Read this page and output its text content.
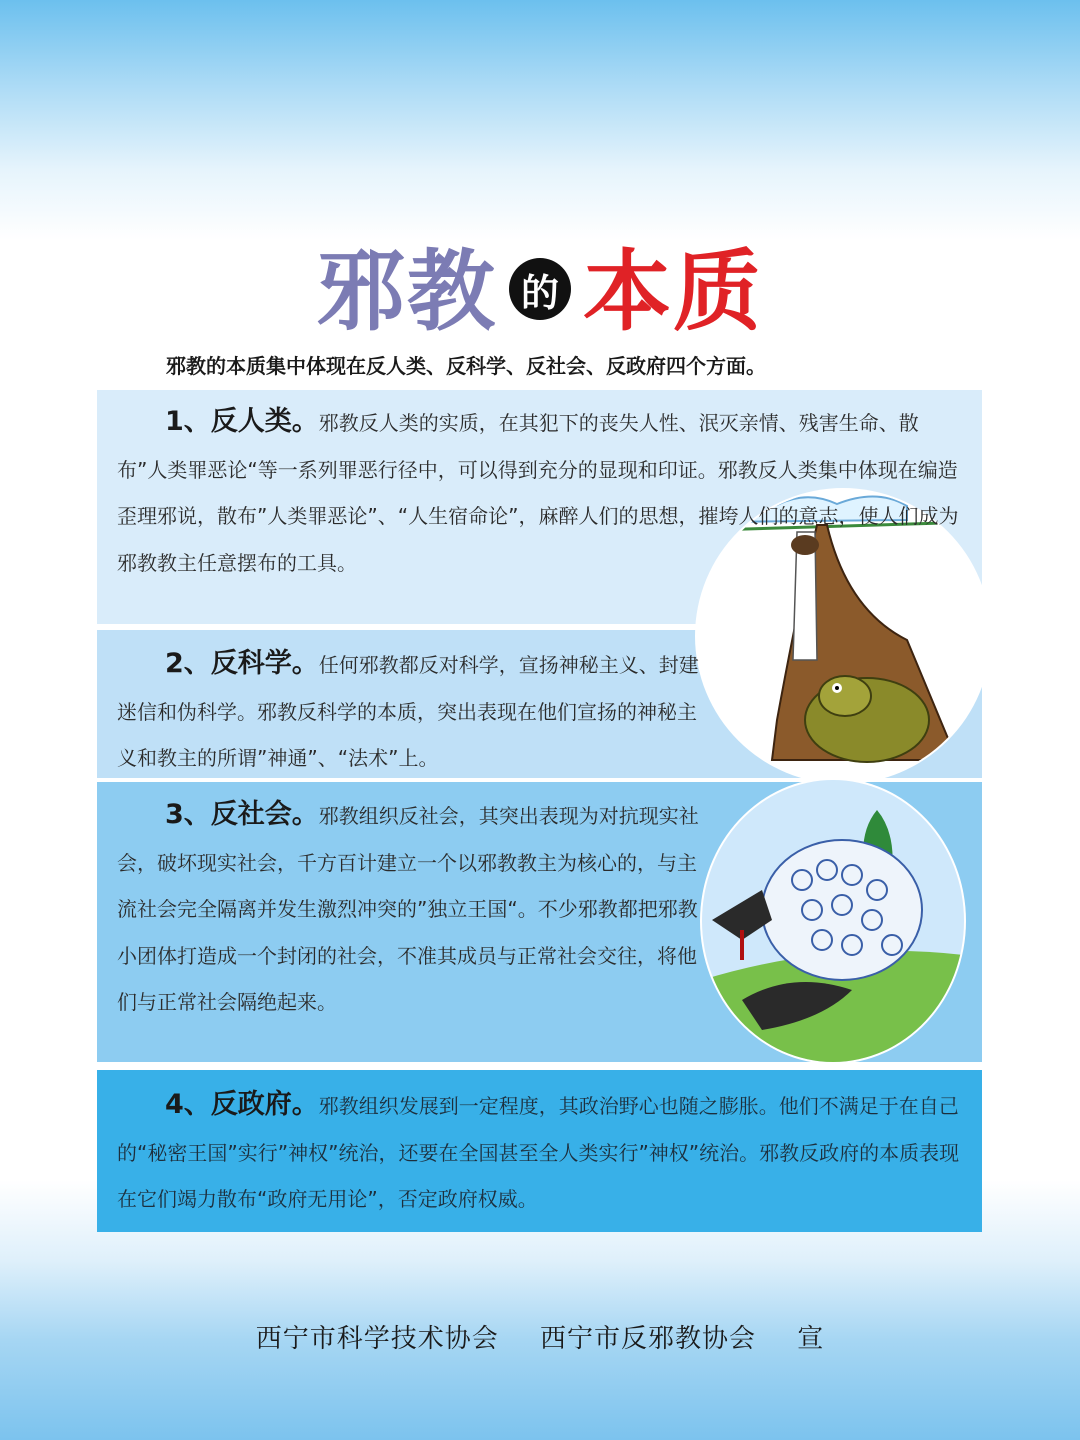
邪教 的 本质
邪教的本质集中体现在反人类、反科学、反社会、反政府四个方面。
1、反人类。邪教反人类的实质，在其犯下的丧失人性、泯灭亲情、残害生命、散布”人类罪恶论“等一系列罪恶行径中，可以得到充分的显现和印证。邪教反人类集中体现在编造歪理邪说，散布”人类罪恶论”、“人生宿命论”，麻醉人们的思想，摧垮人们的意志，使人们成为邪教教主任意摆布的工具。
2、反科学。任何邪教都反对科学，宣扬神秘主义、封建迷信和伪科学。邪教反科学的本质，突出表现在他们宣扬的神秘主义和教主的所谓”神通”、“法术”上。
3、反社会。邪教组织反社会，其突出表现为对抗现实社会，破坏现实社会，千方百计建立一个以邪教教主为核心的，与主流社会完全隔离并发生激烈冲突的”独立王国“。不少邪教都把邪教小团体打造成一个封闭的社会，不准其成员与正常社会交往，将他们与正常社会隔绝起来。
4、反政府。邪教组织发展到一定程度，其政治野心也随之膨胀。他们不满足于在自己的“秘密王国”实行”神权”统治，还要在全国甚至全人类实行”神权”统治。邪教反政府的本质表现在它们竭力散布“政府无用论”，否定政府权威。
西宁市科学技术协会 西宁市反邪教协会 宣
